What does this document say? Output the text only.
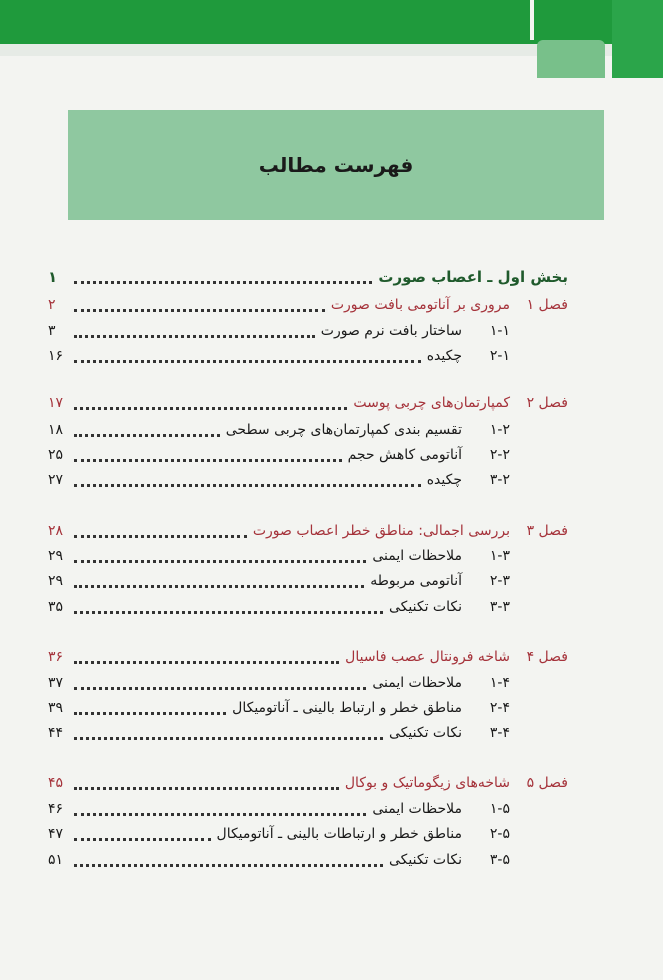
فهرست مطالب
بخش اول ـ اعصاب صورت
۱
فصل ۱
مروری بر آناتومی بافت صورت
۲
۱-۱
ساختار بافت نرم صورت
۳
۲-۱
چکیده
۱۶
فصل ۲
کمپارتمان‌های چربی پوست
۱۷
۱-۲
تقسیم بندی کمپارتمان‌های چربی سطحی
۱۸
۲-۲
آناتومی کاهش حجم
۲۵
۳-۲
چکیده
۲۷
فصل ۳
بررسی اجمالی: مناطق خطر اعصاب صورت
۲۸
۱-۳
ملاحظات ایمنی
۲۹
۲-۳
آناتومی مربوطه
۲۹
۳-۳
نکات تکنیکی
۳۵
فصل ۴
شاخه فرونتال عصب فاسیال
۳۶
۱-۴
ملاحظات ایمنی
۳۷
۲-۴
مناطق خطر و ارتباط بالینی ـ آناتومیکال
۳۹
۳-۴
نکات تکنیکی
۴۴
فصل ۵
شاخه‌های زیگوماتیک و بوکال
۴۵
۱-۵
ملاحظات ایمنی
۴۶
۲-۵
مناطق خطر و ارتباطات بالینی ـ آناتومیکال
۴۷
۳-۵
نکات تکنیکی
۵۱
